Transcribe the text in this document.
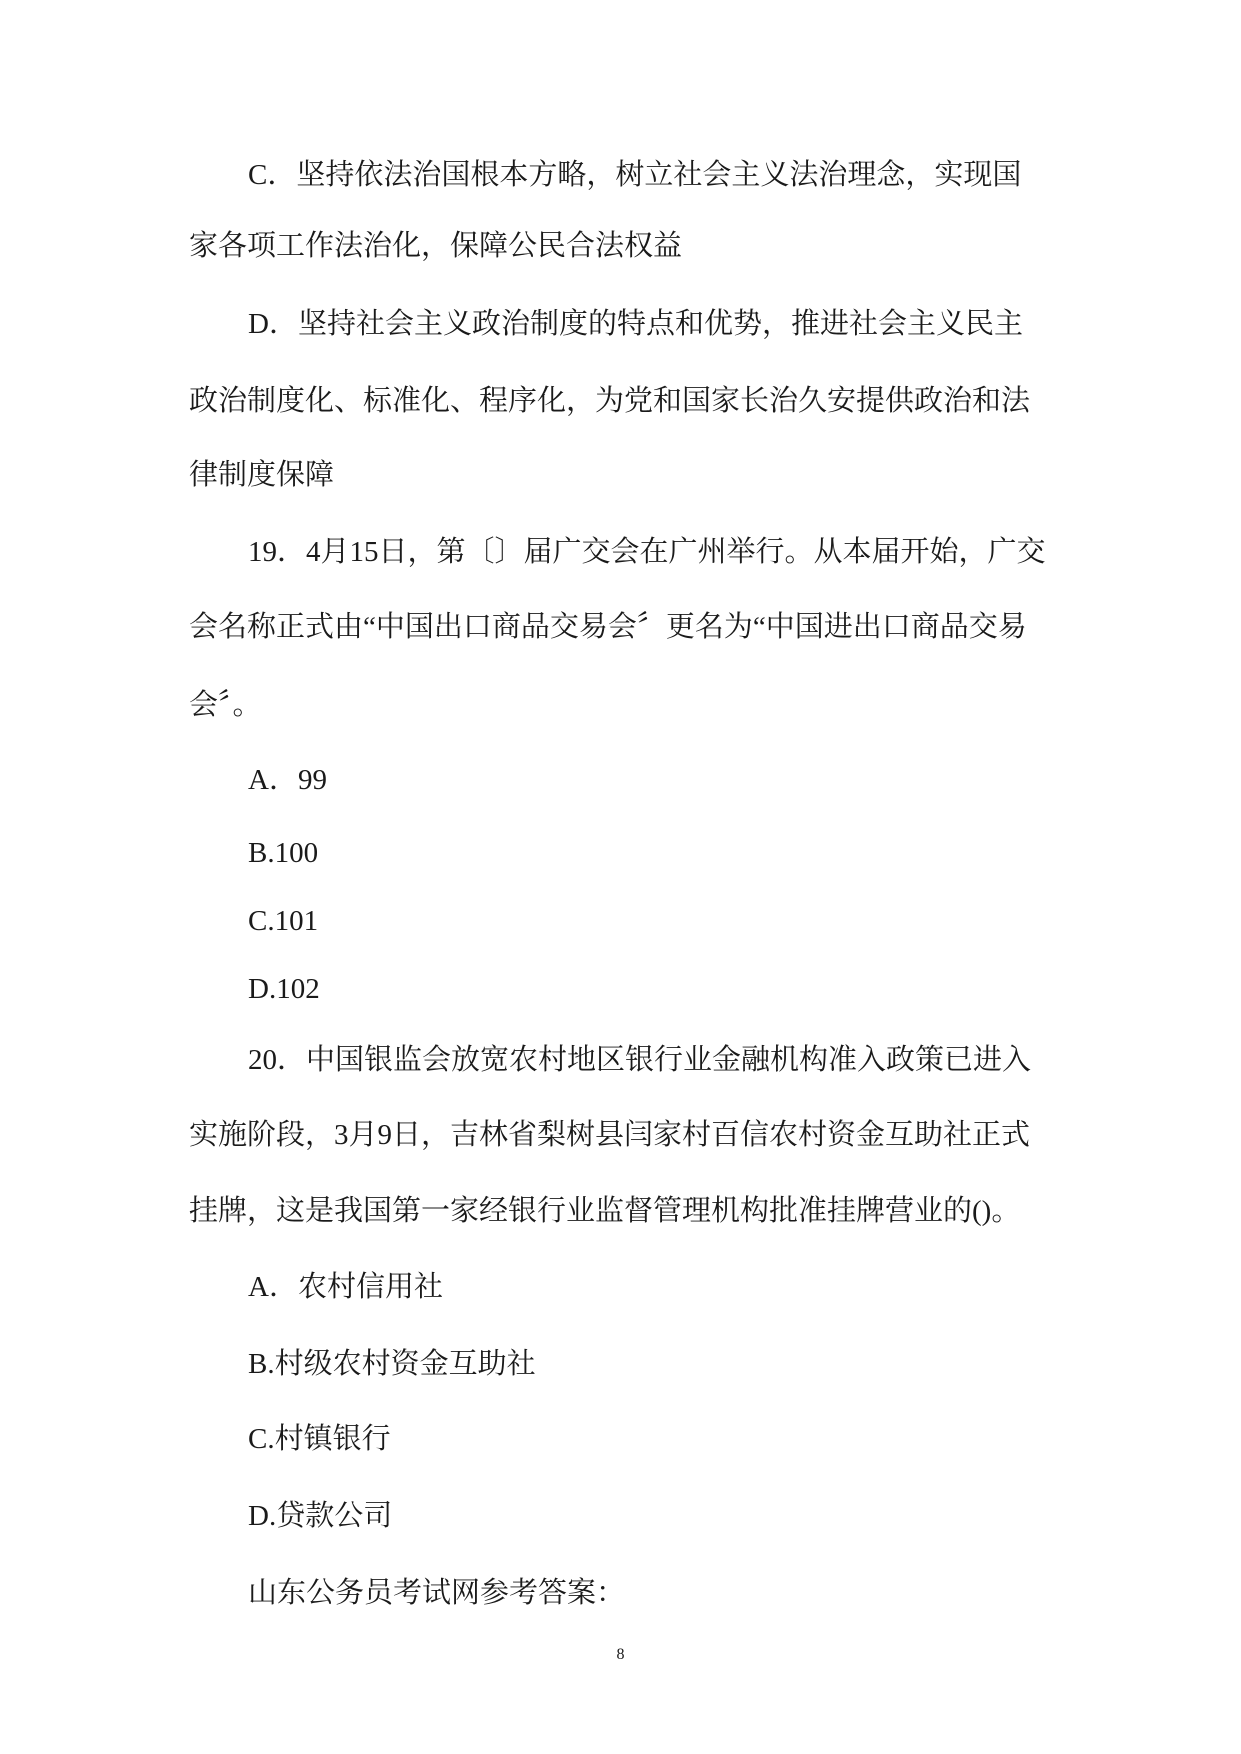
C．坚持依法治国根本方略，树立社会主义法治理念，实现国
家各项工作法治化，保障公民合法权益
D．坚持社会主义政治制度的特点和优势，推进社会主义民主
政治制度化、标准化、程序化，为党和国家长治久安提供政治和法
律制度保障
19．4月15日，第〔〕届广交会在广州举行。从本届开始，广交
会名称正式由“中国出口商品交易会〞更名为“中国进出口商品交易
会〞。
A．99
B.100
C.101
D.102
20．中国银监会放宽农村地区银行业金融机构准入政策已进入
实施阶段，3月9日，吉林省梨树县闫家村百信农村资金互助社正式
挂牌，这是我国第一家经银行业监督管理机构批准挂牌营业的()。
A．农村信用社
B.村级农村资金互助社
C.村镇银行
D.贷款公司
山东公务员考试网参考答案：
8
